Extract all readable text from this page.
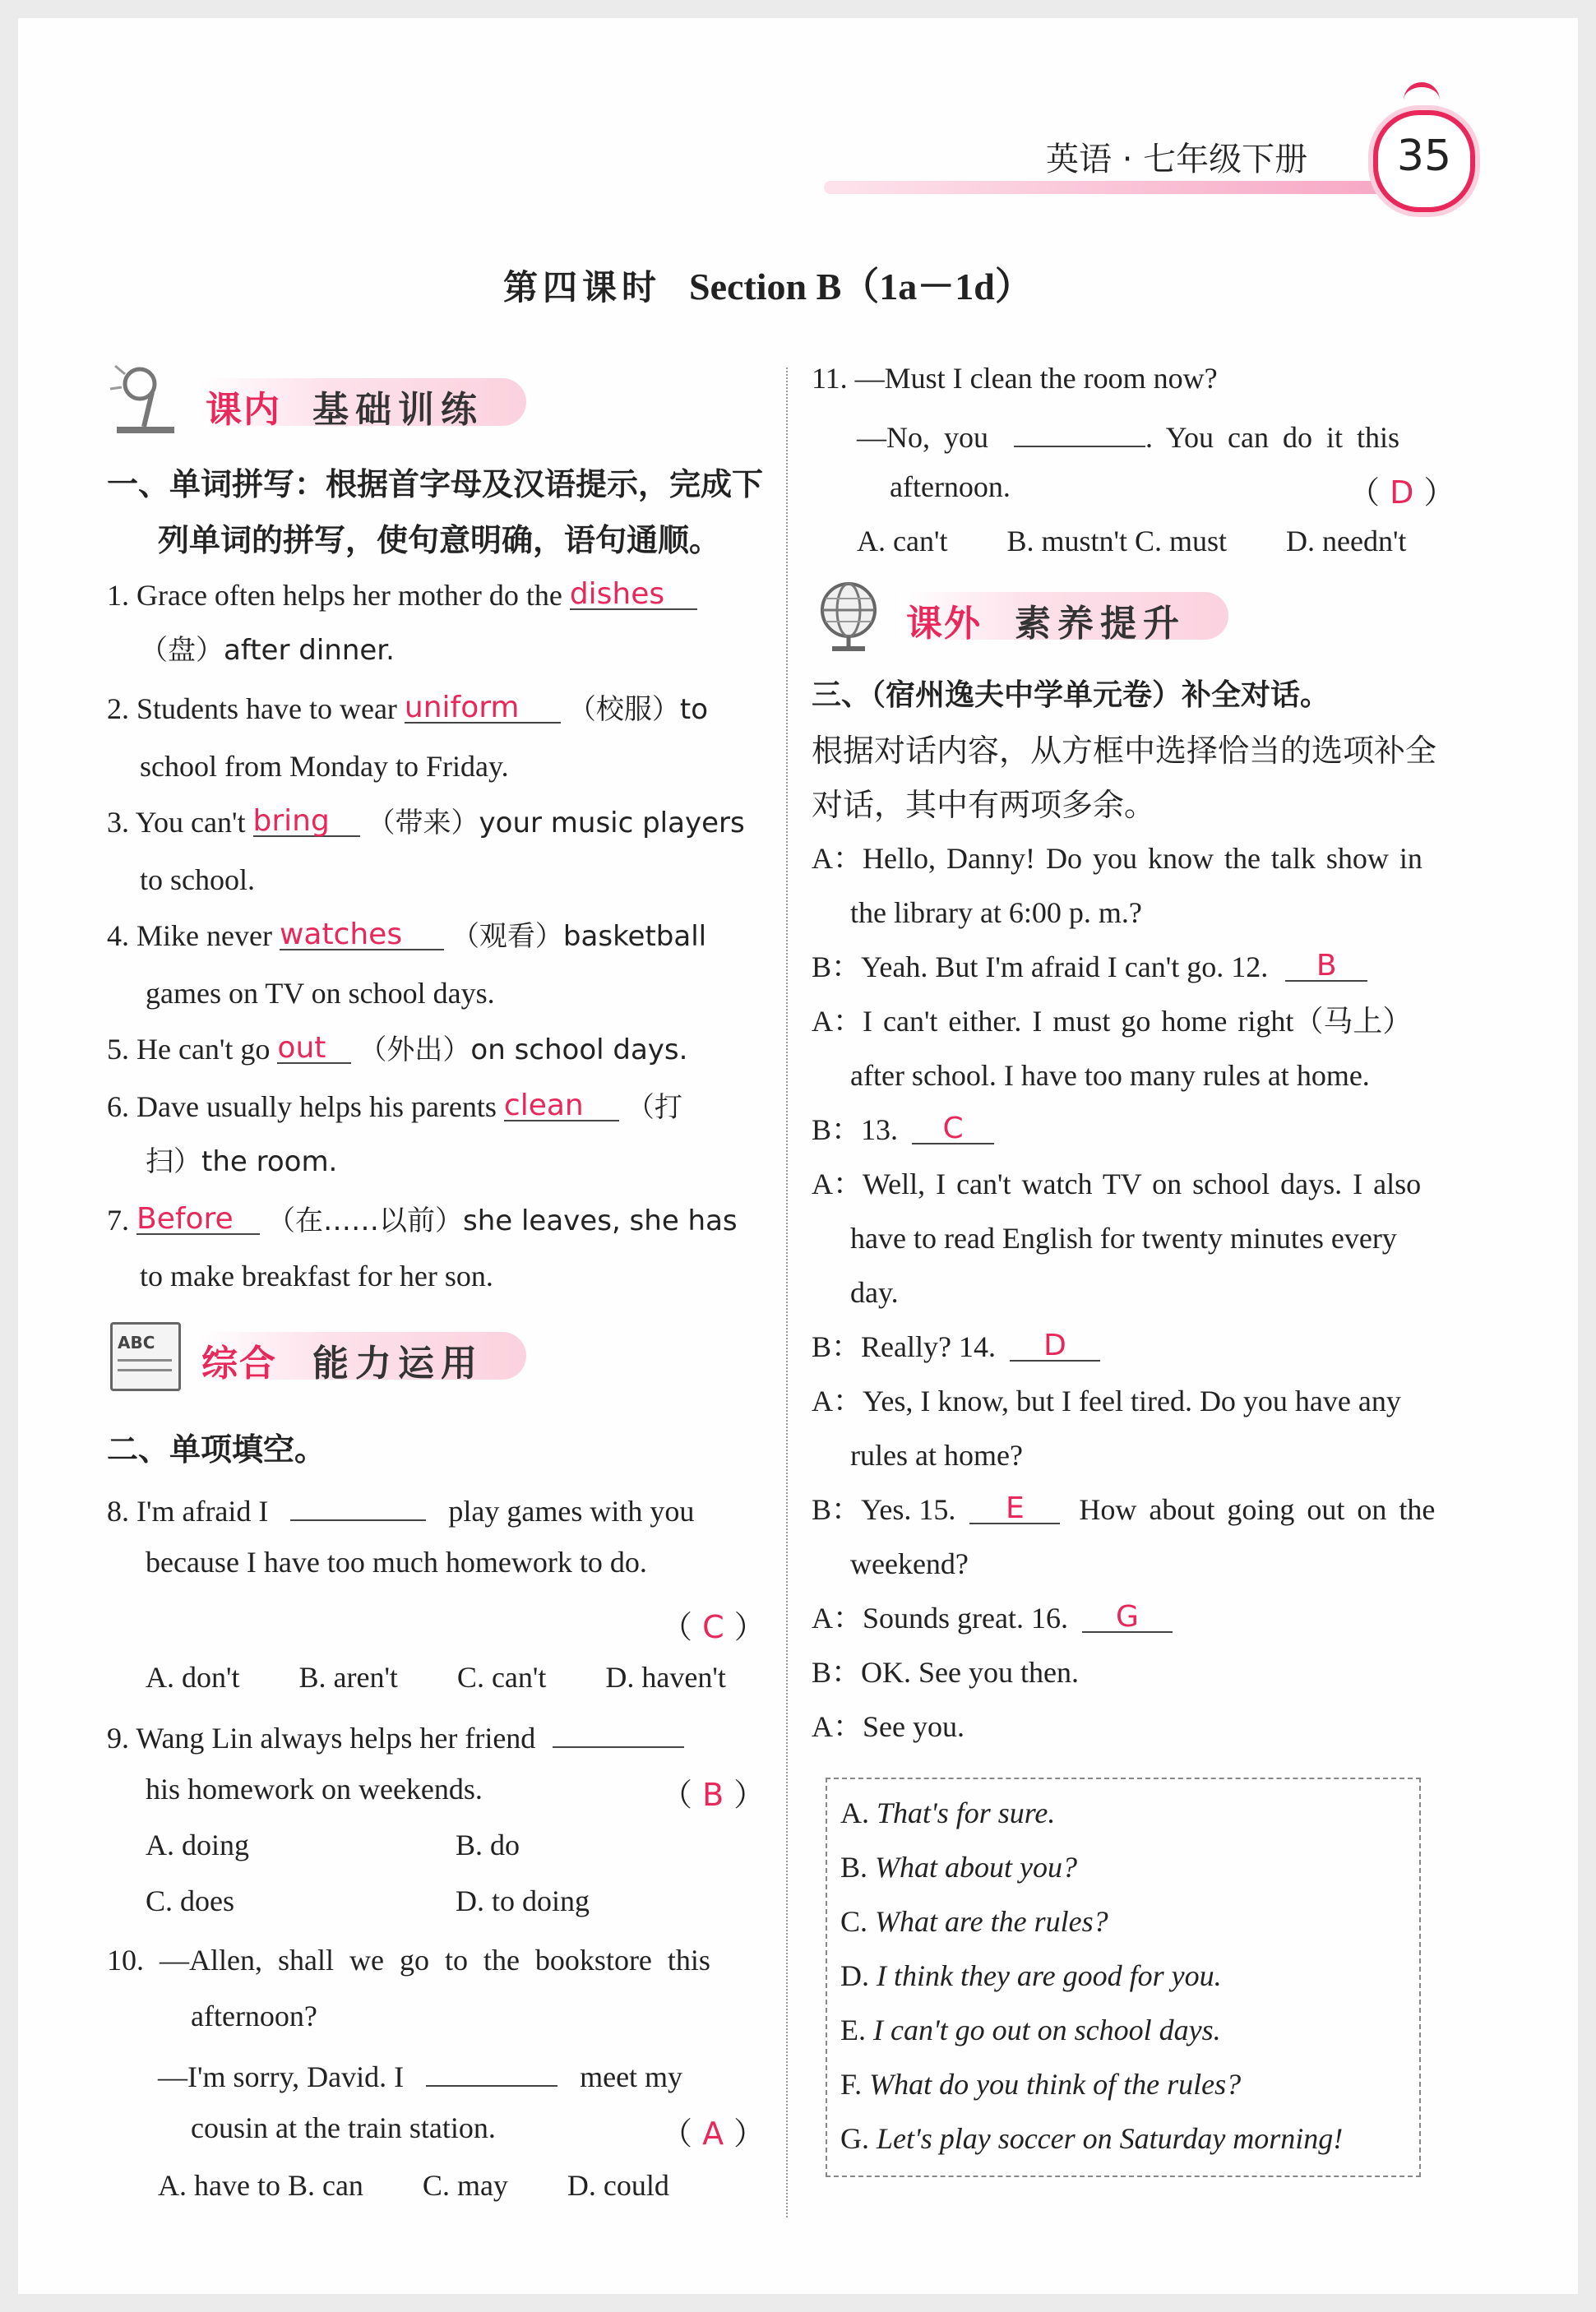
英语 · 七年级下册	35
第四课时 Section B（1a－1d）
课内 基础训练
一、单词拼写：根据首字母及汉语提示，完成下
列单词的拼写，使句意明确，语句通顺。
1. Grace often helps her mother do the dishes
（盘）after dinner.
2. Students have to wear uniform （校服）to
school from Monday to Friday.
3. You can't bring （带来）your music players
to school.
4. Mike never watches （观看）basketball
games on TV on school days.
5. He can't go out （外出）on school days.
6. Dave usually helps his parents clean （打
扫）the room.
7. Before （在……以前）she leaves, she has
to make breakfast for her son.
ABC 综合 能力运用
二、单项填空。
8. I'm afraid I	play games with you
because I have too much homework to do.
（ C ）
A. don't　　B. aren't　　C. can't　　D. haven't
9. Wang Lin always helps her friend
his homework on weekends.	（ B ）
A. doing	B. do
C. does	D. to doing
10. —Allen, shall we go to the bookstore this
afternoon?
—I'm sorry, David. I	meet my
cousin at the train station.	（ A ）
A. have to B. can　　C. may　　D. could
11. —Must I clean the room now?
—No, you	. You can do it this
afternoon.	（ D ）
A. can't　　B. mustn't C. must　　D. needn't
课外 素养提升
三、（宿州逸夫中学单元卷）补全对话。
根据对话内容，从方框中选择恰当的选项补全
对话，其中有两项多余。
A：Hello, Danny! Do you know the talk show in
the library at 6:00 p. m.?
B：Yeah. But I'm afraid I can't go. 12. B
A：I can't either. I must go home right（马上）
after school. I have too many rules at home.
B：13. C
A：Well, I can't watch TV on school days. I also
have to read English for twenty minutes every
day.
B：Really? 14. D
A：Yes, I know, but I feel tired. Do you have any
rules at home?
B：Yes. 15. E How about going out on the
weekend?
A：Sounds great. 16. G
B：OK. See you then.
A：See you.
A. That's for sure.
B. What about you?
C. What are the rules?
D. I think they are good for you.
E. I can't go out on school days.
F. What do you think of the rules?
G. Let's play soccer on Saturday morning!
